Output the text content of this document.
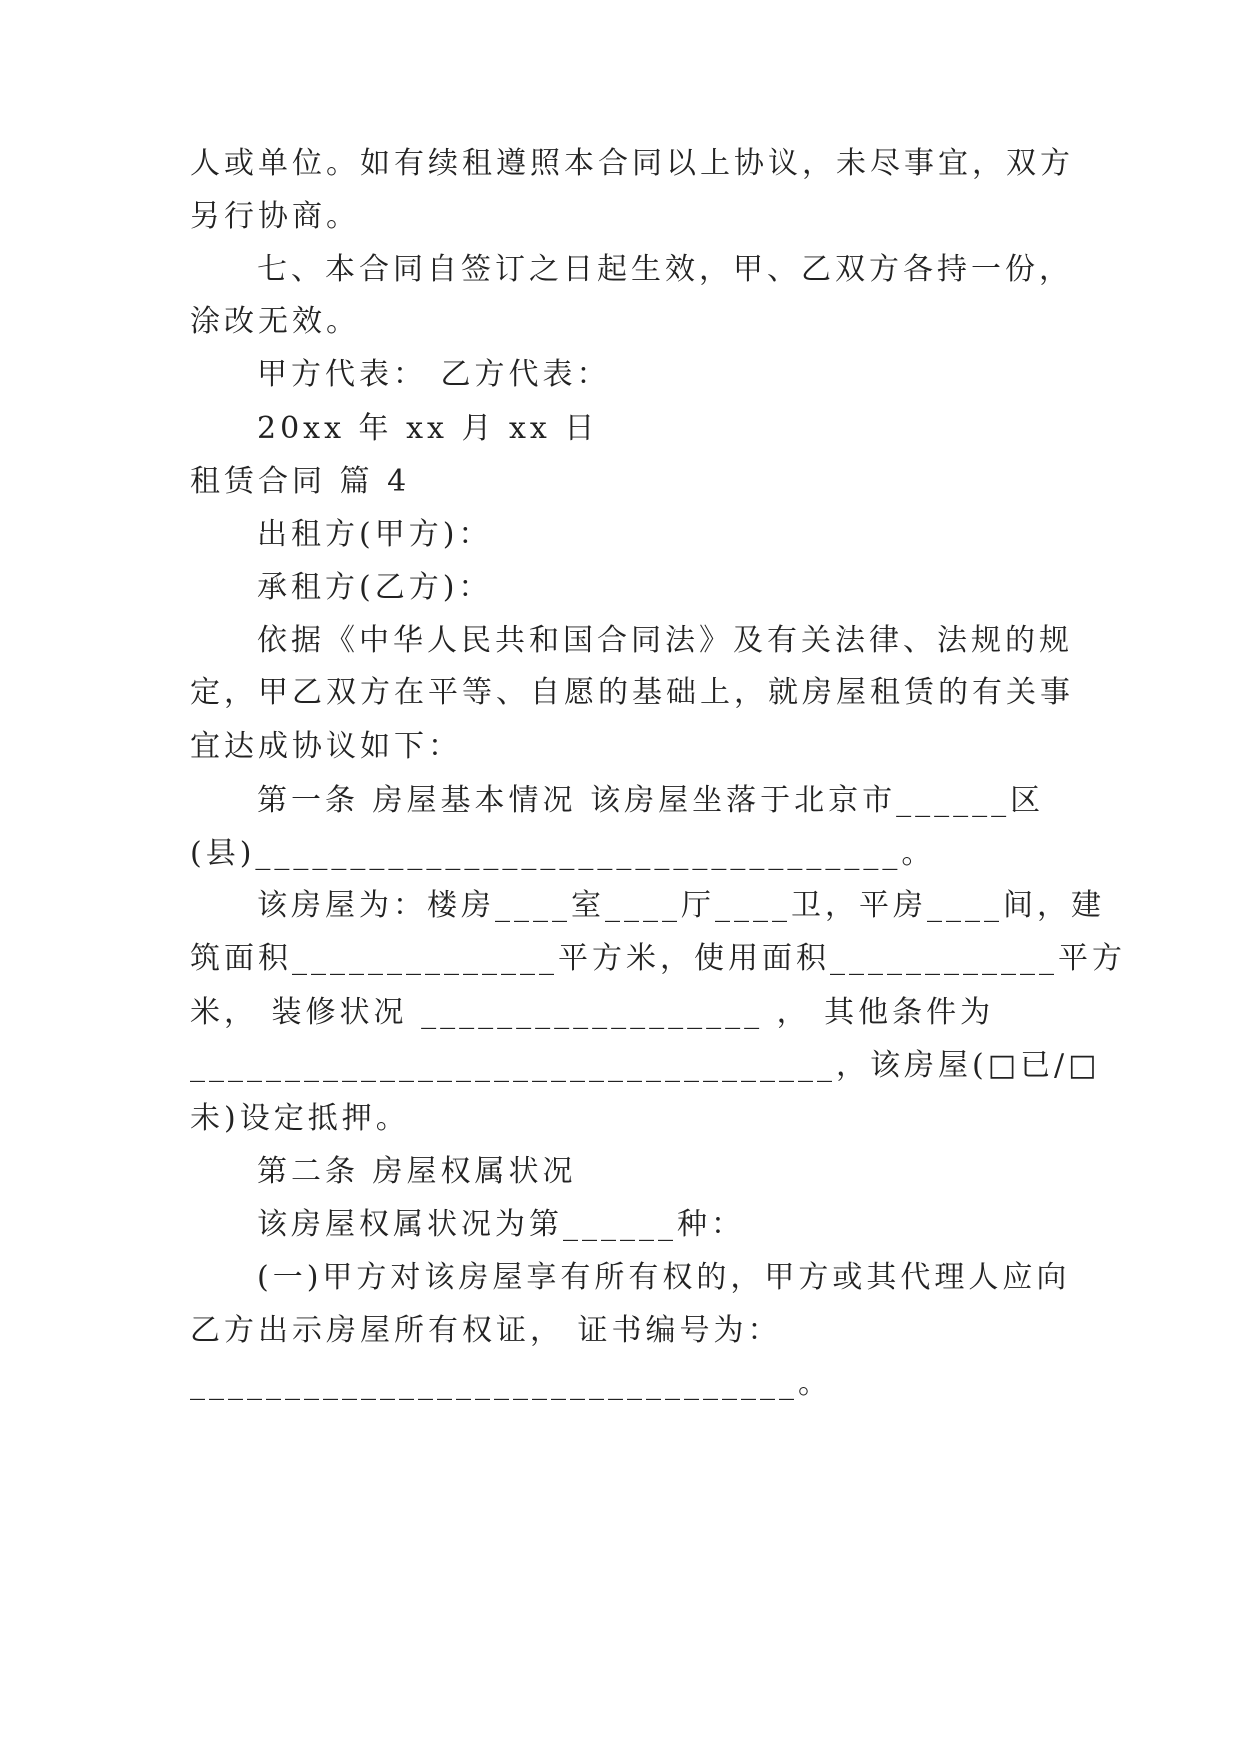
人或单位。如有续租遵照本合同以上协议，未尽事宜，双方
另行协商。
七、本合同自签订之日起生效，甲、乙双方各持一份，
涂改无效。
甲方代表： 乙方代表：
20xx 年 xx 月 xx 日
租赁合同 篇 4
出租方(甲方)：
承租方(乙方)：
依据《中华人民共和国合同法》及有关法律、法规的规
定，甲乙双方在平等、自愿的基础上，就房屋租赁的有关事
宜达成协议如下：
第一条 房屋基本情况 该房屋坐落于北京市______区
(县)__________________________________。
该房屋为：楼房____室____厅____卫，平房____间，建
筑面积______________平方米，使用面积____________平方
米， 装修状况 __________________ ， 其他条件为
__________________________________，该房屋(□已/□
未)设定抵押。
第二条 房屋权属状况
该房屋权属状况为第______种：
(一)甲方对该房屋享有所有权的，甲方或其代理人应向
乙方出示房屋所有权证， 证书编号为：
________________________________。
